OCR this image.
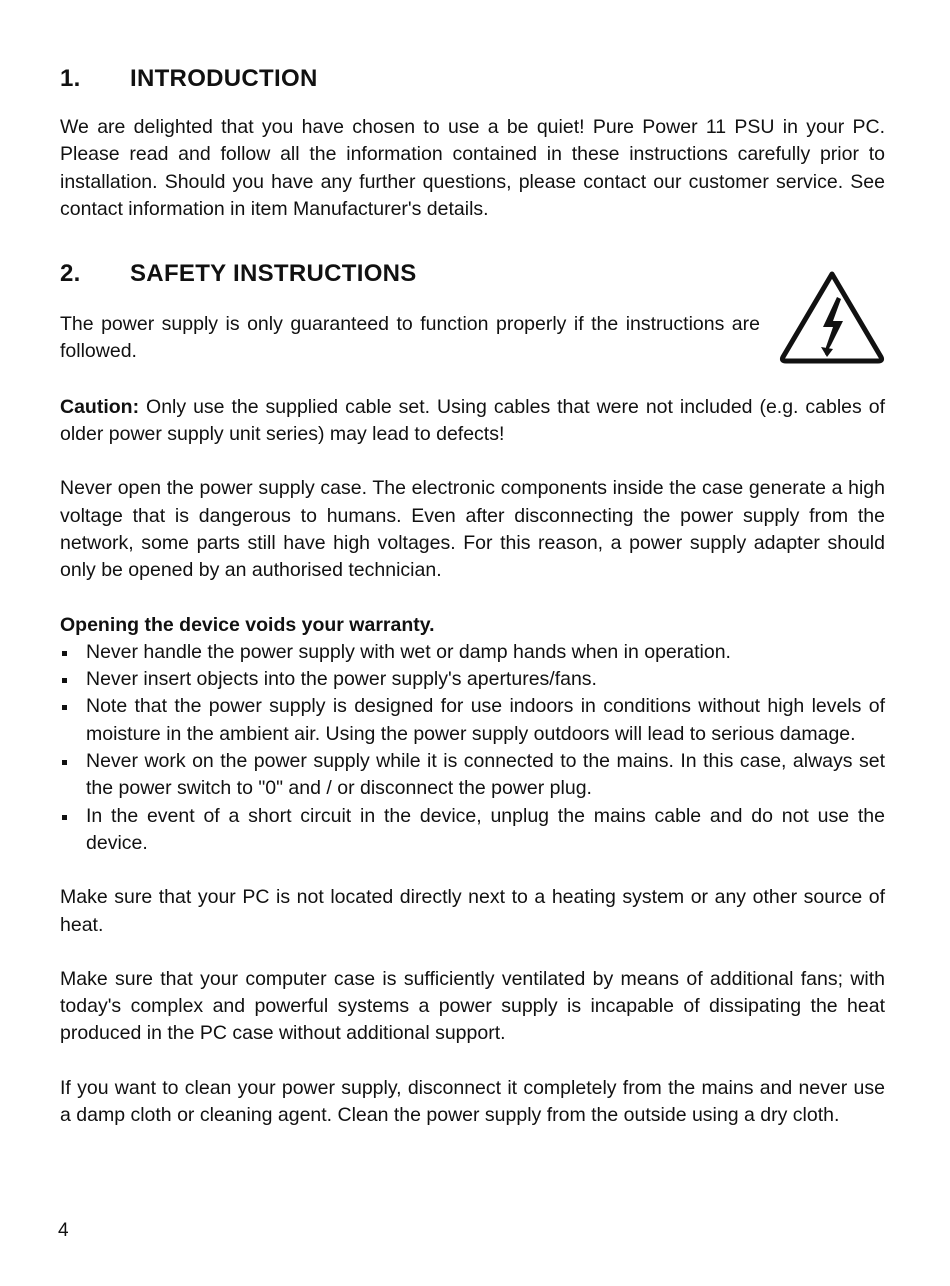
1.	INTRODUCTION

We are delighted that you have chosen to use a be quiet! Pure Power 11 PSU in your PC. Please read and follow all the information contained in these instructions carefully prior to installation. Should you have any further questions, please contact our customer service. See contact information in item Manufacturer's details.

2.	SAFETY INSTRUCTIONS

The power supply is only guaranteed to function properly if the instructions are followed.

Caution: Only use the supplied cable set. Using cables that were not included (e.g. cables of older power supply unit series) may lead to defects!

Never open the power supply case. The electronic components inside the case generate a high voltage that is dangerous to humans. Even after disconnecting the power supply from the network, some parts still have high voltages. For this reason, a power supply adapter should only be opened by an authorised technician.

Opening the device voids your warranty.

Never handle the power supply with wet or damp hands when in operation.
Never insert objects into the power supply's apertures/fans.
Note that the power supply is designed for use indoors in conditions without high levels of moisture in the ambient air. Using the power supply outdoors will lead to serious damage.
Never work on the power supply while it is connected to the mains. In this case, always set the power switch to "0" and / or disconnect the power plug.
In the event of a short circuit in the device, unplug the mains cable and do not use the device.

Make sure that your PC is not located directly next to a heating system or any other source of heat.

Make sure that your computer case is sufficiently ventilated by means of additional fans; with today's complex and powerful systems a power supply is incapable of dissipating the heat produced in the PC case without additional support.

If you want to clean your power supply, disconnect it completely from the mains and never use a damp cloth or cleaning agent. Clean the power supply from the outside using a dry cloth.

4
